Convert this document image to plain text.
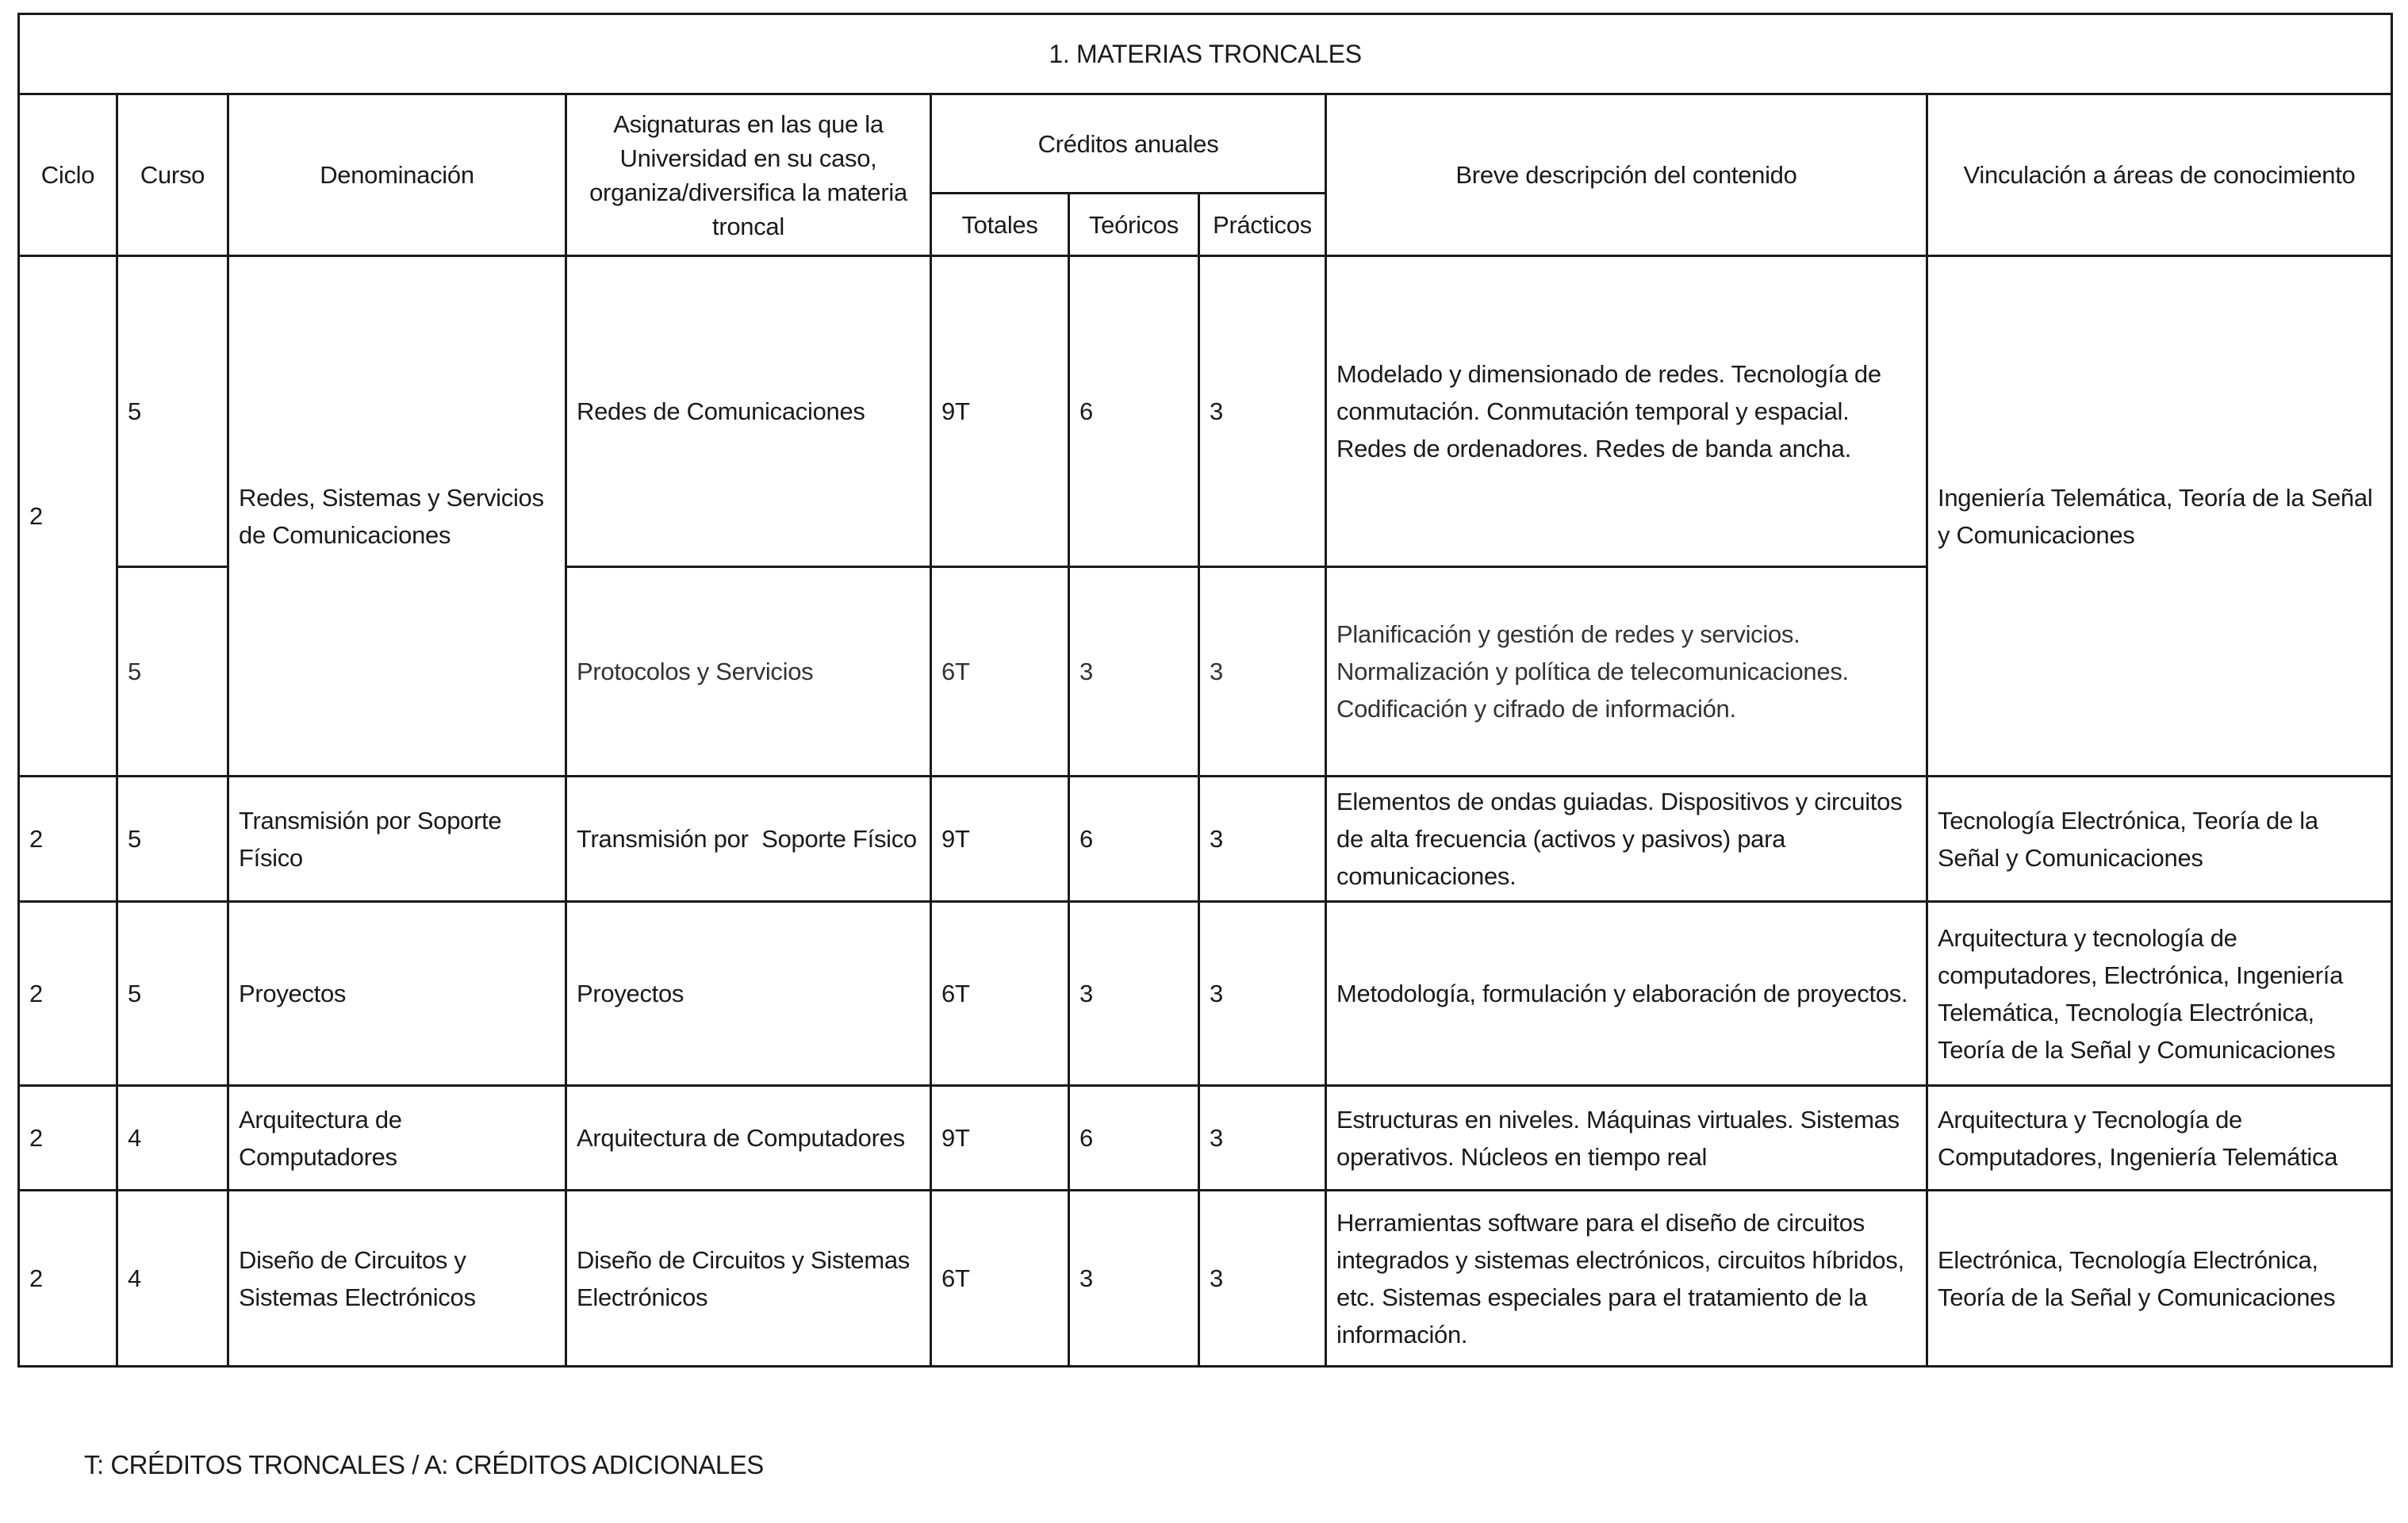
1. MATERIAS TRONCALES								
Ciclo	Curso	Denominación	Asignaturas en las que la Universidad en su caso, organiza/diversifica la materia troncal	Créditos anuales			Breve descripción del contenido	Vinculación a áreas de conocimiento
				Totales	Teóricos	Prácticos		
2	5	Redes, Sistemas y Servicios de Comunicaciones	Redes de Comunicaciones	9T	6	3	Modelado y dimensionado de redes. Tecnología de conmutación. Conmutación temporal y espacial. Redes de ordenadores. Redes de banda ancha.	Ingeniería Telemática, Teoría de la Señal y Comunicaciones
	5		Protocolos y Servicios	6T	3	3	Planificación y gestión de redes y servicios. Normalización y política de telecomunicaciones. Codificación y cifrado de información.	
2	5	Transmisión por Soporte Físico	Transmisión por  Soporte Físico	9T	6	3	Elementos de ondas guiadas. Dispositivos y circuitos de alta frecuencia (activos y pasivos) para comunicaciones.	Tecnología Electrónica, Teoría de la Señal y Comunicaciones
2	5	Proyectos	Proyectos	6T	3	3	Metodología, formulación y elaboración de proyectos.	Arquitectura y tecnología de computadores, Electrónica, Ingeniería Telemática, Tecnología Electrónica, Teoría de la Señal y Comunicaciones
2	4	Arquitectura de Computadores	Arquitectura de Computadores	9T	6	3	Estructuras en niveles. Máquinas virtuales. Sistemas operativos. Núcleos en tiempo real	Arquitectura y Tecnología de Computadores, Ingeniería Telemática
2	4	Diseño de Circuitos y Sistemas Electrónicos	Diseño de Circuitos y Sistemas Electrónicos	6T	3	3	Herramientas software para el diseño de circuitos integrados y sistemas electrónicos, circuitos híbridos, etc. Sistemas especiales para el tratamiento de la información.	Electrónica, Tecnología Electrónica, Teoría de la Señal y Comunicaciones
T: CRÉDITOS TRONCALES / A: CRÉDITOS ADICIONALES
